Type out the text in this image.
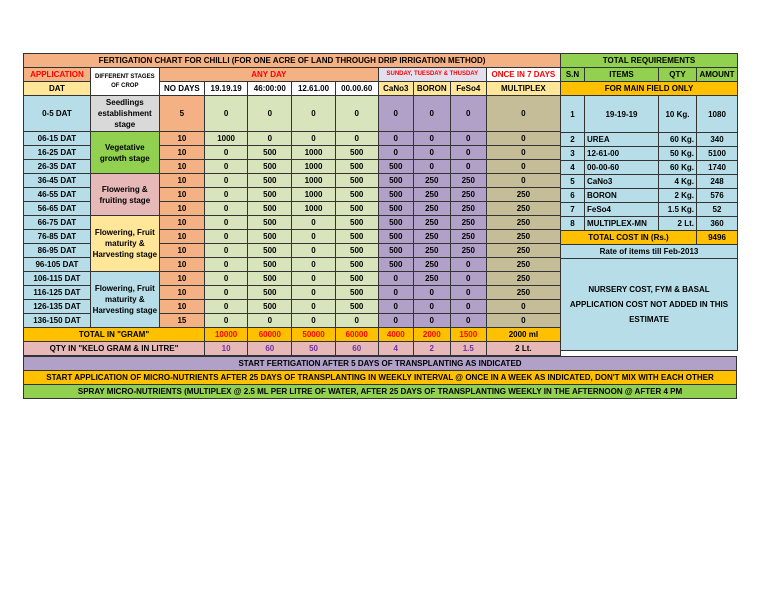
FERTIGATION CHART FOR CHILLI (FOR ONE ACRE OF LAND THROUGH DRIP IRRIGATION METHOD)										
APPLICATION	DIFFERENT STAGES OF CROP	ANY DAY					SUNDAY, TUESDAY & THUSDAY			ONCE IN 7 DAYS
DAT		NO DAYS	19.19.19	46:00:00	12.61.00	00.00.60	CaNo3	BORON	FeSo4	MULTIPLEX
0-5 DAT	Seedlings establishment stage	5	0	0	0	0	0	0	0	0
06-15 DAT	Vegetative growth stage	10	1000	0	0	0	0	0	0	0
16-25 DAT		10	0	500	1000	500	0	0	0	0
26-35 DAT		10	0	500	1000	500	500	0	0	0
36-45 DAT	Flowering & fruiting stage	10	0	500	1000	500	500	250	250	0
46-55 DAT		10	0	500	1000	500	500	250	250	250
56-65 DAT		10	0	500	1000	500	500	250	250	250
66-75 DAT	Flowering, Fruit maturity & Harvesting stage	10	0	500	0	500	500	250	250	250
76-85 DAT		10	0	500	0	500	500	250	250	250
86-95 DAT		10	0	500	0	500	500	250	250	250
96-105 DAT		10	0	500	0	500	500	250	0	250
106-115 DAT	Flowering, Fruit maturity & Harvesting stage	10	0	500	0	500	0	250	0	250
116-125 DAT		10	0	500	0	500	0	0	0	250
126-135 DAT		10	0	500	0	500	0	0	0	0
136-150 DAT		15	0	0	0	0	0	0	0	0
TOTAL IN "GRAM"			10000	60000	50000	60000	4000	2000	1500	2000 ml
QTY IN "KELO GRAM & IN LITRE"			10	60	50	60	4	2	1.5	2 Lt.
TOTAL REQUIREMENTS			
S.N	ITEMS	QTY	AMOUNT
FOR MAIN FIELD ONLY			
1	19-19-19	10 Kg.	1080
2	UREA	60 Kg.	340
3	12-61-00	50 Kg.	5100
4	00-00-60	60 Kg.	1740
5	CaNo3	4 Kg.	248
6	BORON	2 Kg.	576
7	FeSo4	1.5 Kg.	52
8	MULTIPLEX-MN	2 Lt.	360
TOTAL COST IN (Rs.)			9496
Rate of items till Feb-2013			
NURSERY COST, FYM & BASAL APPLICATION COST NOT ADDED IN THIS ESTIMATE			
START FERTIGATION AFTER 5 DAYS OF TRANSPLANTING AS INDICATED
START APPLICATION OF MICRO-NUTRIENTS AFTER 25 DAYS OF TRANSPLANTING IN WEEKLY INTERVAL @ ONCE IN A WEEK AS INDICATED, DON'T MIX WITH EACH OTHER
SPRAY MICRO-NUTRIENTS (MULTIPLEX @ 2.5 ML PER LITRE OF WATER, AFTER 25 DAYS OF TRANSPLANTING WEEKLY IN THE AFTERNOON @ AFTER 4 PM
